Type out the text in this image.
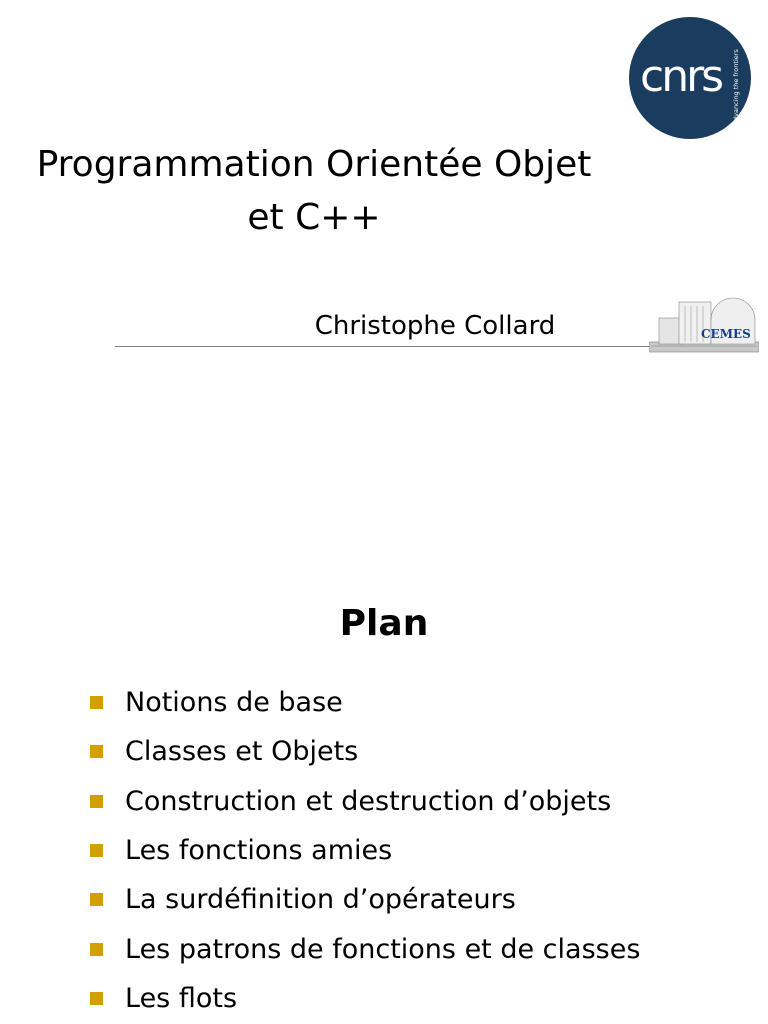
cnrs advancing the frontiers
Programmation Orientée Objet
et C++
Christophe Collard	CEMES
Plan
Notions de base
Classes et Objets
Construction et destruction d’objets
Les fonctions amies
La surdéfinition d’opérateurs
Les patrons de fonctions et de classes
Les flots
